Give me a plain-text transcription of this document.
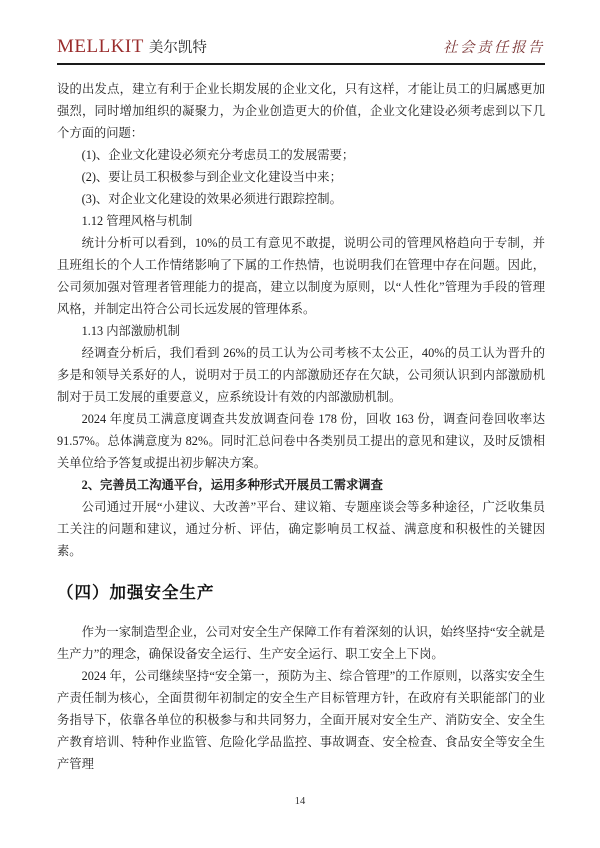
MELLKIT 美尔凯特	社会责任报告

设的出发点，建立有利于企业长期发展的企业文化，只有这样，才能让员工的归属感更加强烈，同时增加组织的凝聚力，为企业创造更大的价值，企业文化建设必须考虑到以下几个方面的问题：

(1)、企业文化建设必须充分考虑员工的发展需要；

(2)、要让员工积极参与到企业文化建设当中来；

(3)、对企业文化建设的效果必须进行跟踪控制。

1.12 管理风格与机制

统计分析可以看到，10%的员工有意见不敢提，说明公司的管理风格趋向于专制，并且班组长的个人工作情绪影响了下属的工作热情，也说明我们在管理中存在问题。因此，公司须加强对管理者管理能力的提高，建立以制度为原则，以“人性化”管理为手段的管理风格，并制定出符合公司长远发展的管理体系。

1.13 内部激励机制

经调查分析后，我们看到 26%的员工认为公司考核不太公正，40%的员工认为晋升的多是和领导关系好的人，说明对于员工的内部激励还存在欠缺，公司须认识到内部激励机制对于员工发展的重要意义，应系统设计有效的内部激励机制。

2024 年度员工满意度调查共发放调查问卷 178 份，回收 163 份，调查问卷回收率达91.57%。总体满意度为 82%。同时汇总问卷中各类别员工提出的意见和建议，及时反馈相关单位给予答复或提出初步解决方案。

2、完善员工沟通平台，运用多种形式开展员工需求调查

公司通过开展“小建议、大改善”平台、建议箱、专题座谈会等多种途径，广泛收集员工关注的问题和建议，通过分析、评估，确定影响员工权益、满意度和积极性的关键因素。

（四）加强安全生产

作为一家制造型企业，公司对安全生产保障工作有着深刻的认识，始终坚持“安全就是生产力”的理念，确保设备安全运行、生产安全运行、职工安全上下岗。

2024 年，公司继续坚持“安全第一，预防为主、综合管理”的工作原则，以落实安全生产责任制为核心，全面贯彻年初制定的安全生产目标管理方针，在政府有关职能部门的业务指导下，依靠各单位的积极参与和共同努力，全面开展对安全生产、消防安全、安全生产教育培训、特种作业监管、危险化学品监控、事故调查、安全检查、食品安全等安全生产管理

14
